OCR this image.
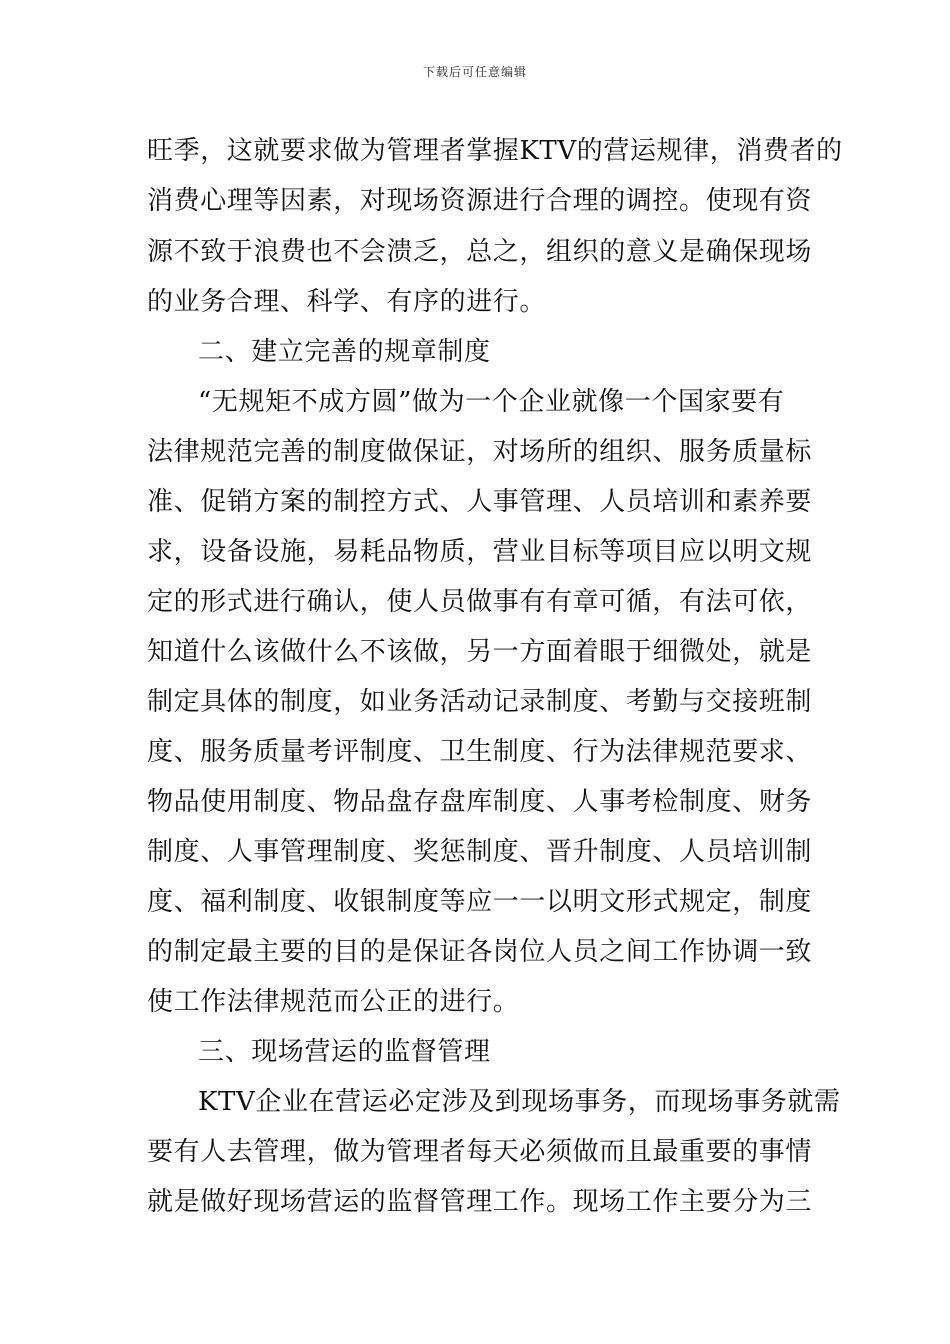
下载后可任意编辑
旺季，这就要求做为管理者掌握KTV的营运规律，消费者的
消费心理等因素，对现场资源进行合理的调控。使现有资
源不致于浪费也不会溃乏，总之，组织的意义是确保现场
的业务合理、科学、有序的进行。
二、建立完善的规章制度
“无规矩不成方圆”做为一个企业就像一个国家要有
法律规范完善的制度做保证，对场所的组织、服务质量标
准、促销方案的制控方式、人事管理、人员培训和素养要
求，设备设施，易耗品物质，营业目标等项目应以明文规
定的形式进行确认，使人员做事有有章可循，有法可依，
知道什么该做什么不该做，另一方面着眼于细微处，就是
制定具体的制度，如业务活动记录制度、考勤与交接班制
度、服务质量考评制度、卫生制度、行为法律规范要求、
物品使用制度、物品盘存盘库制度、人事考检制度、财务
制度、人事管理制度、奖惩制度、晋升制度、人员培训制
度、福利制度、收银制度等应一一以明文形式规定，制度
的制定最主要的目的是保证各岗位人员之间工作协调一致
使工作法律规范而公正的进行。
三、现场营运的监督管理
KTV企业在营运必定涉及到现场事务，而现场事务就需
要有人去管理，做为管理者每天必须做而且最重要的事情
就是做好现场营运的监督管理工作。现场工作主要分为三
